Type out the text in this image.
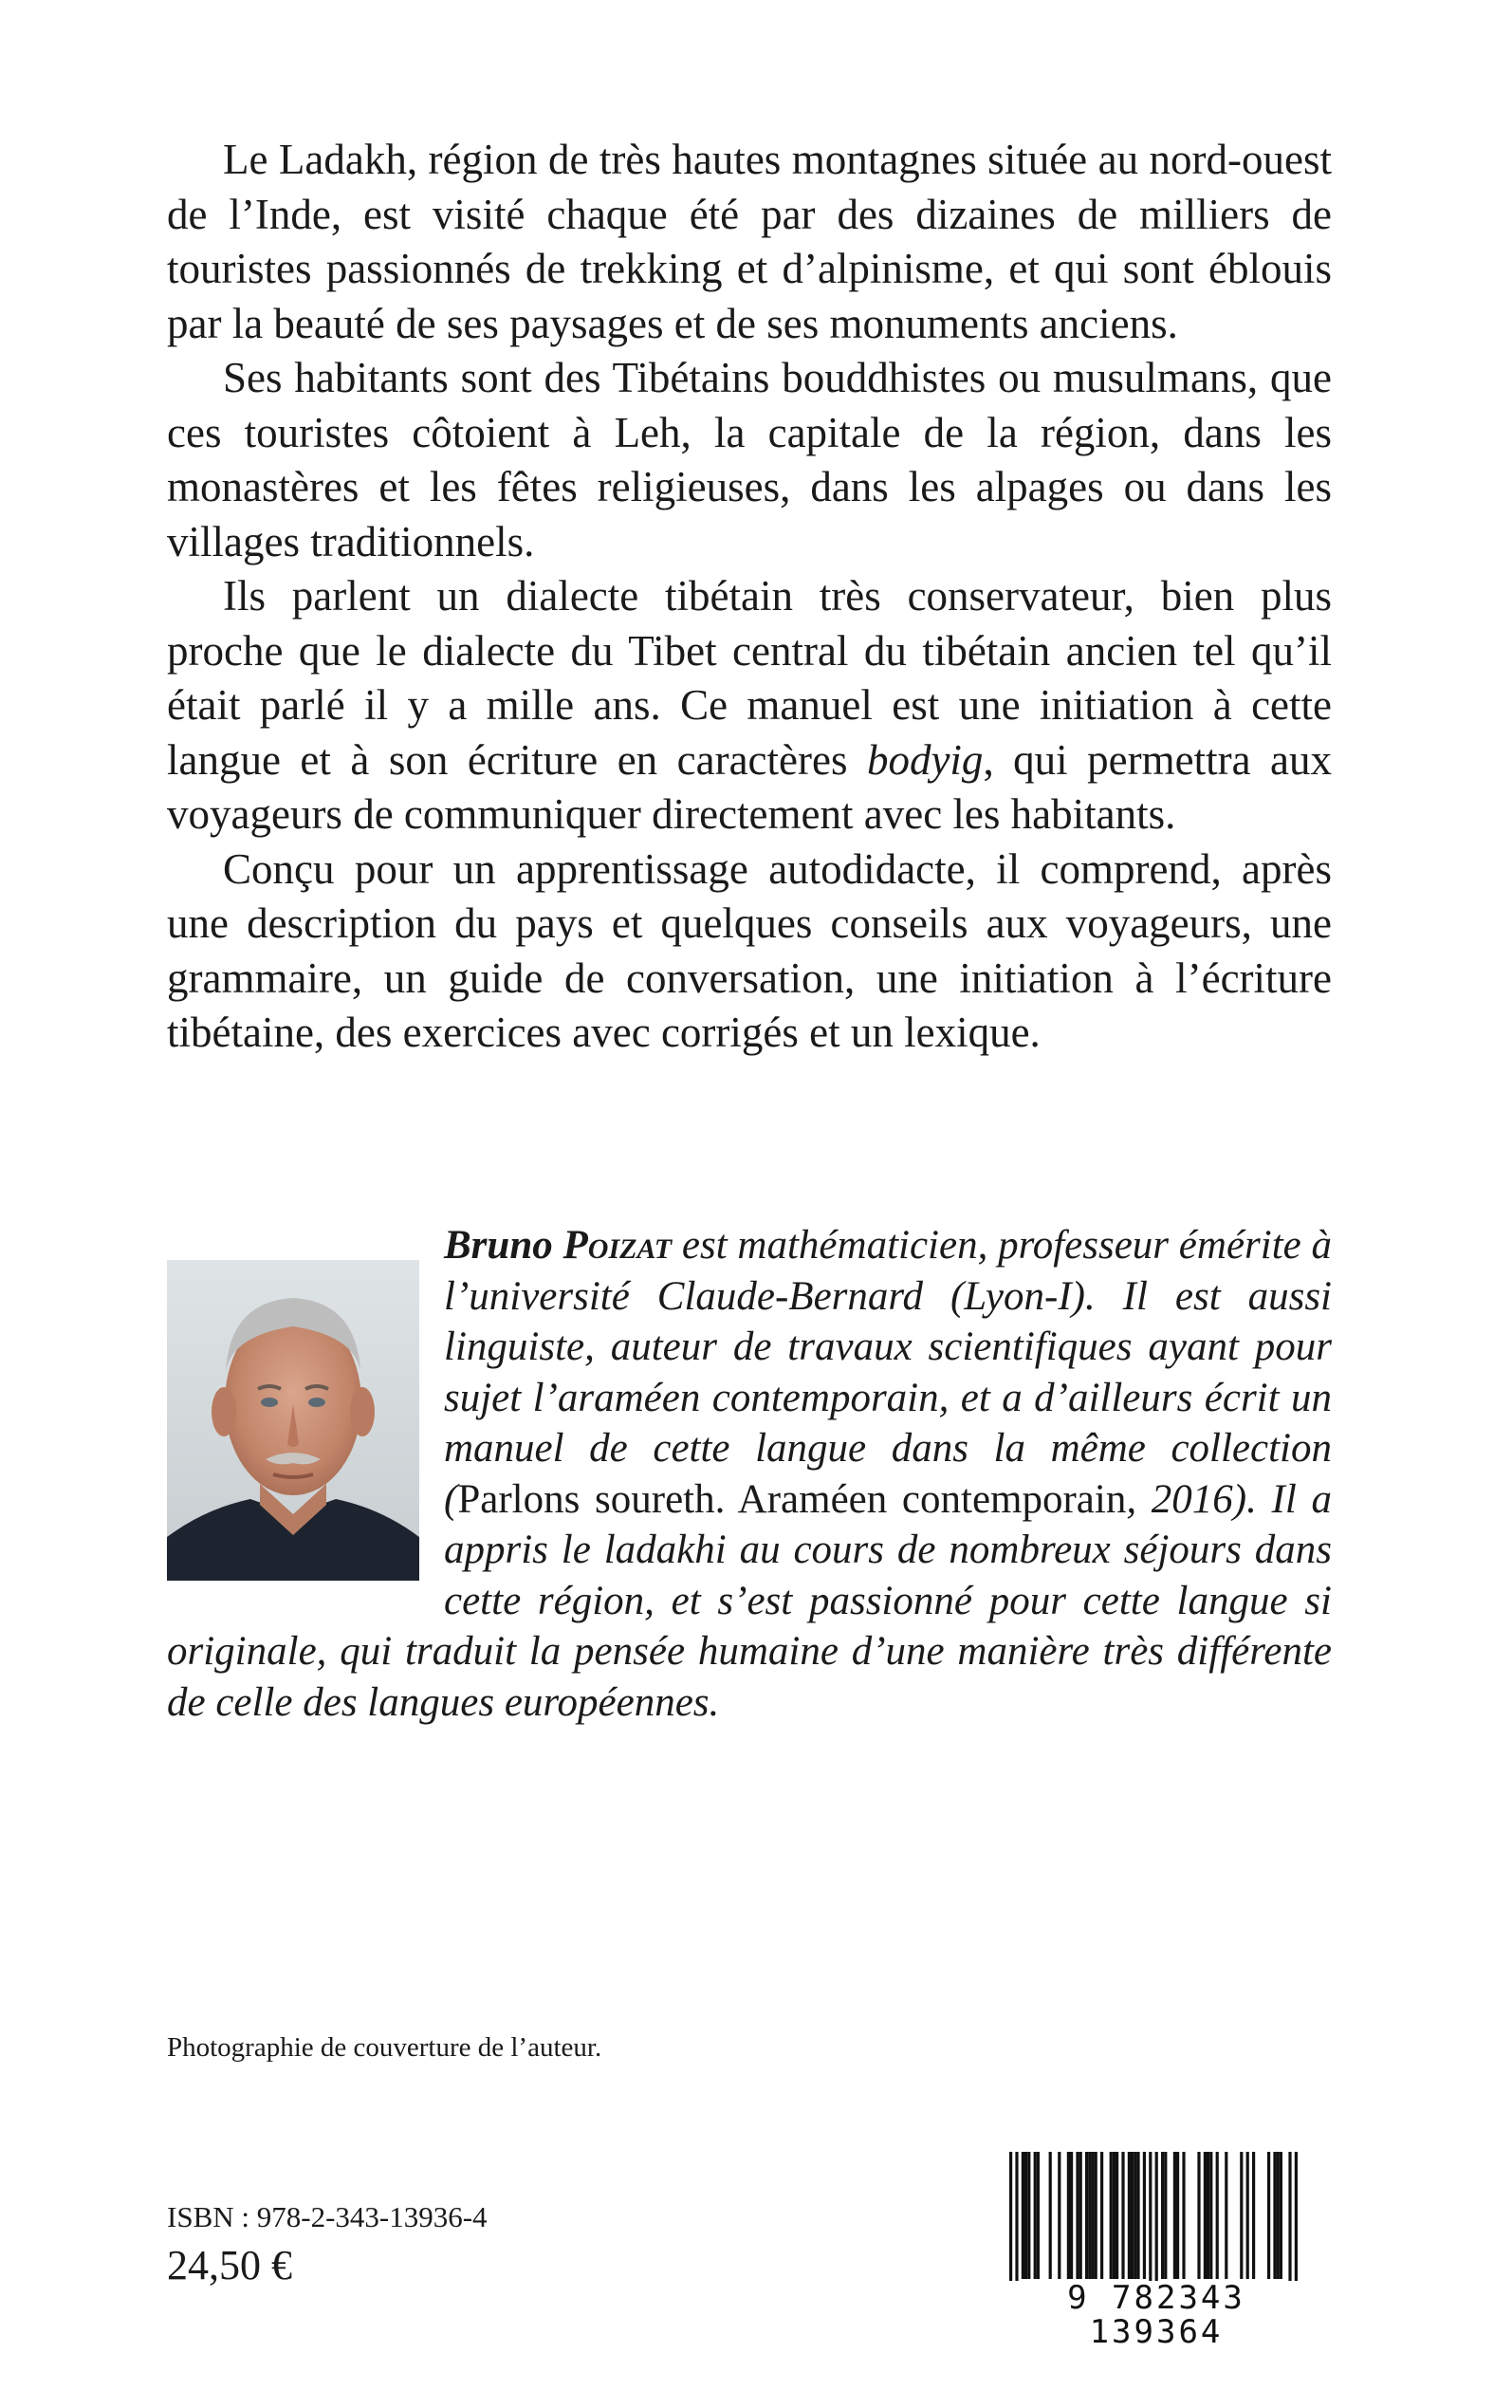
Le Ladakh, région de très hautes montagnes située au nord-ouest de l’Inde, est visité chaque été par des dizaines de milliers de touristes passionnés de trekking et d’alpinisme, et qui sont éblouis par la beauté de ses paysages et de ses monuments anciens.

Ses habitants sont des Tibétains bouddhistes ou musulmans, que ces touristes côtoient à Leh, la capitale de la région, dans les monastères et les fêtes religieuses, dans les alpages ou dans les villages traditionnels.

Ils parlent un dialecte tibétain très conservateur, bien plus proche que le dialecte du Tibet central du tibétain ancien tel qu’il était parlé il y a mille ans. Ce manuel est une initiation à cette langue et à son écriture en caractères bodyig, qui permettra aux voyageurs de communiquer directement avec les habitants.

Conçu pour un apprentissage autodidacte, il comprend, après une description du pays et quelques conseils aux voyageurs, une grammaire, un guide de conversation, une initiation à l’écriture tibétaine, des exercices avec corrigés et un lexique.

Bruno Poizat est mathématicien, professeur émérite à l’université Claude-Bernard (Lyon-I). Il est aussi linguiste, auteur de travaux scientifiques ayant pour sujet l’araméen contemporain, et a d’ailleurs écrit un manuel de cette langue dans la même collection (Parlons soureth. Araméen contemporain, 2016). Il a appris le ladakhi au cours de nombreux séjours dans cette région, et s’est passionné pour cette langue si originale, qui traduit la pensée humaine d’une manière très différente de celle des langues européennes.

Photographie de couverture de l’auteur.
ISBN : 978-2-343-13936-4
24,50 €
9 782343 139364
